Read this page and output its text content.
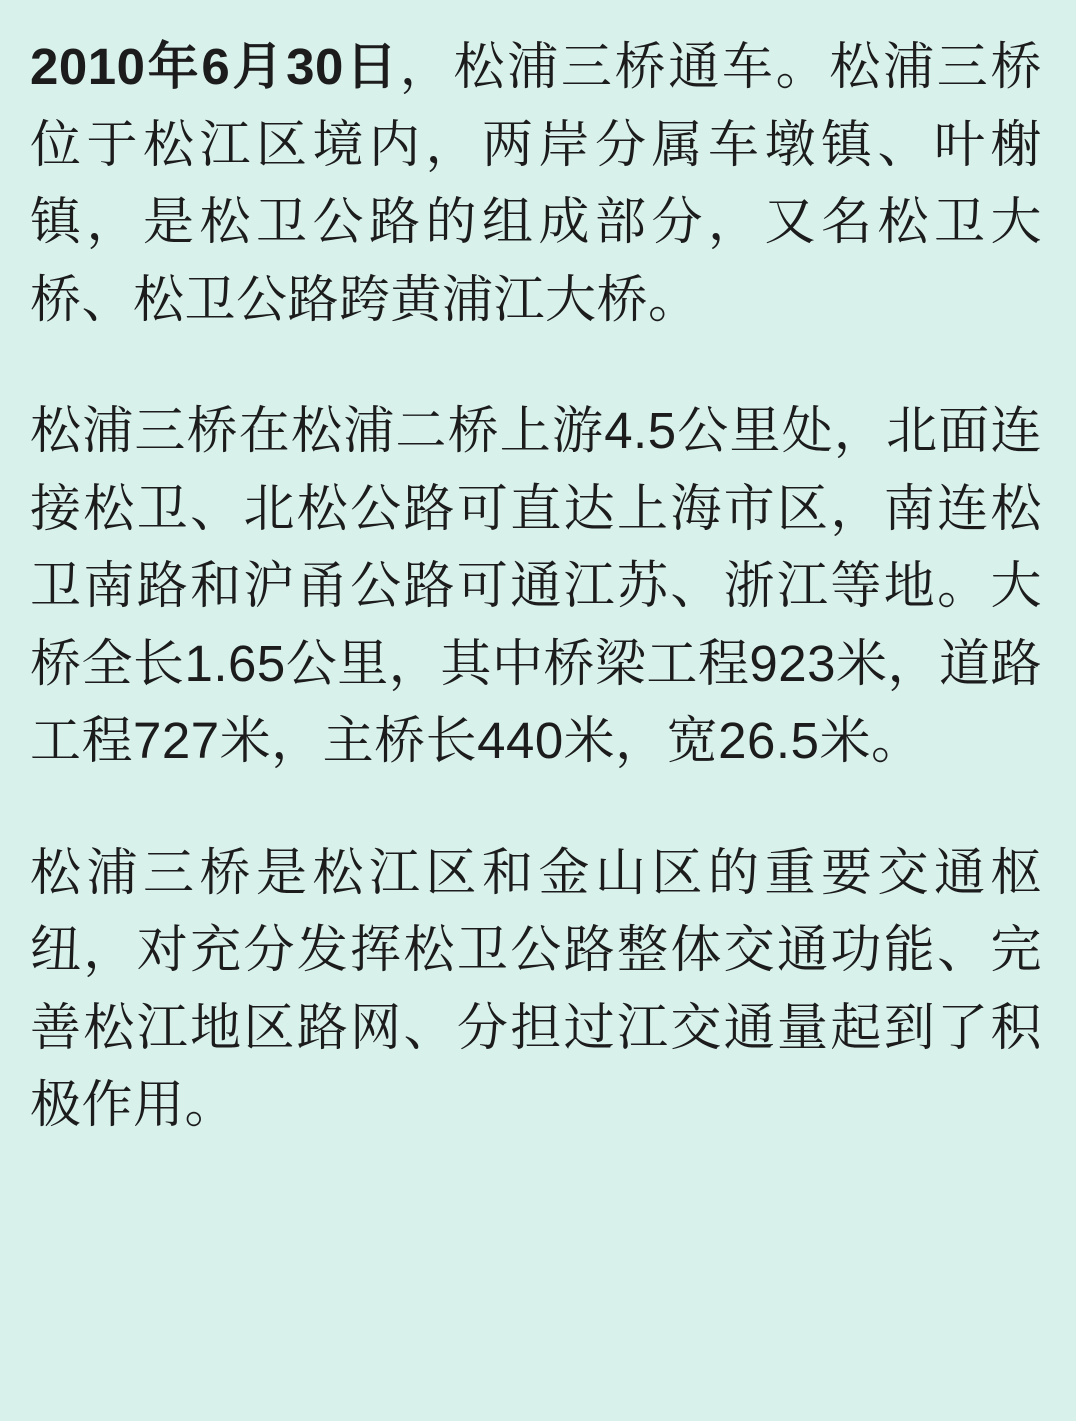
2010年6月30日，松浦三桥通车。松浦三桥位于松江区境内，两岸分属车墩镇、叶榭镇，是松卫公路的组成部分，又名松卫大桥、松卫公路跨黄浦江大桥。

松浦三桥在松浦二桥上游4.5公里处，北面连接松卫、北松公路可直达上海市区，南连松卫南路和沪甬公路可通江苏、浙江等地。大桥全长1.65公里，其中桥梁工程923米，道路工程727米，主桥长440米，宽26.5米。

松浦三桥是松江区和金山区的重要交通枢纽，对充分发挥松卫公路整体交通功能、完善松江地区路网、分担过江交通量起到了积极作用。
